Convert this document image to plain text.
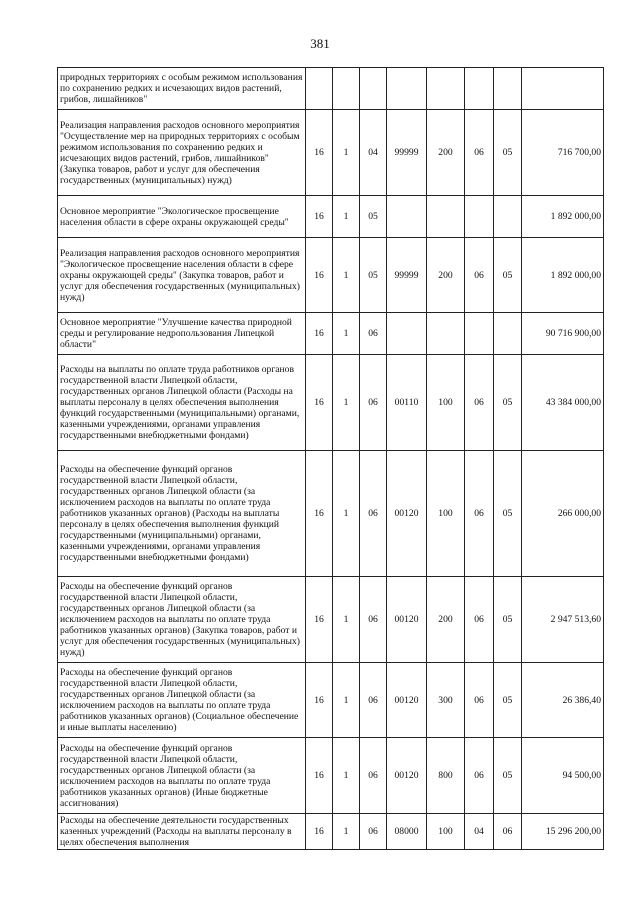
381
природных территориях с особым режимом использования по сохранению редких и исчезающих видов растений, грибов, лишайников"								
Реализация направления расходов основного мероприятия "Осуществление мер на природных территориях с особым режимом использования по сохранению редких и исчезающих видов растений, грибов, лишайников" (Закупка товаров, работ и услуг для обеспечения государственных (муниципальных) нужд)	16	1	04	99999	200	06	05	716 700,00
Основное мероприятие "Экологическое просвещение населения области в сфере охраны окружающей среды"	16	1	05					1 892 000,00
Реализация направления расходов основного мероприятия "Экологическое просвещение населения области в сфере охраны окружающей среды" (Закупка товаров, работ и услуг для обеспечения государственных (муниципальных) нужд)	16	1	05	99999	200	06	05	1 892 000,00
Основное мероприятие "Улучшение качества природной среды и регулирование недропользования Липецкой области"	16	1	06					90 716 900,00
Расходы на выплаты по оплате труда работников органов государственной власти Липецкой области, государственных органов Липецкой области (Расходы на выплаты персоналу в целях обеспечения выполнения функций государственными (муниципальными) органами, казенными учреждениями, органами управления государственными внебюджетными фондами)	16	1	06	00110	100	06	05	43 384 000,00
Расходы на обеспечение функций органов государственной власти Липецкой области, государственных органов Липецкой области (за исключением расходов на выплаты по оплате труда работников указанных органов) (Расходы на выплаты персоналу в целях обеспечения выполнения функций государственными (муниципальными) органами, казенными учреждениями, органами управления государственными внебюджетными фондами)	16	1	06	00120	100	06	05	266 000,00
Расходы на обеспечение функций органов государственной власти Липецкой области, государственных органов Липецкой области (за исключением расходов на выплаты по оплате труда работников указанных органов) (Закупка товаров, работ и услуг для обеспечения государственных (муниципальных) нужд)	16	1	06	00120	200	06	05	2 947 513,60
Расходы на обеспечение функций органов государственной власти Липецкой области, государственных органов Липецкой области (за исключением расходов на выплаты по оплате труда работников указанных органов) (Социальное обеспечение и иные выплаты населению)	16	1	06	00120	300	06	05	26 386,40
Расходы на обеспечение функций органов государственной власти Липецкой области, государственных органов Липецкой области (за исключением расходов на выплаты по оплате труда работников указанных органов) (Иные бюджетные ассигнования)	16	1	06	00120	800	06	05	94 500,00
Расходы на обеспечение деятельности государственных казенных учреждений (Расходы на выплаты персоналу в целях обеспечения выполнения	16	1	06	08000	100	04	06	15 296 200,00
